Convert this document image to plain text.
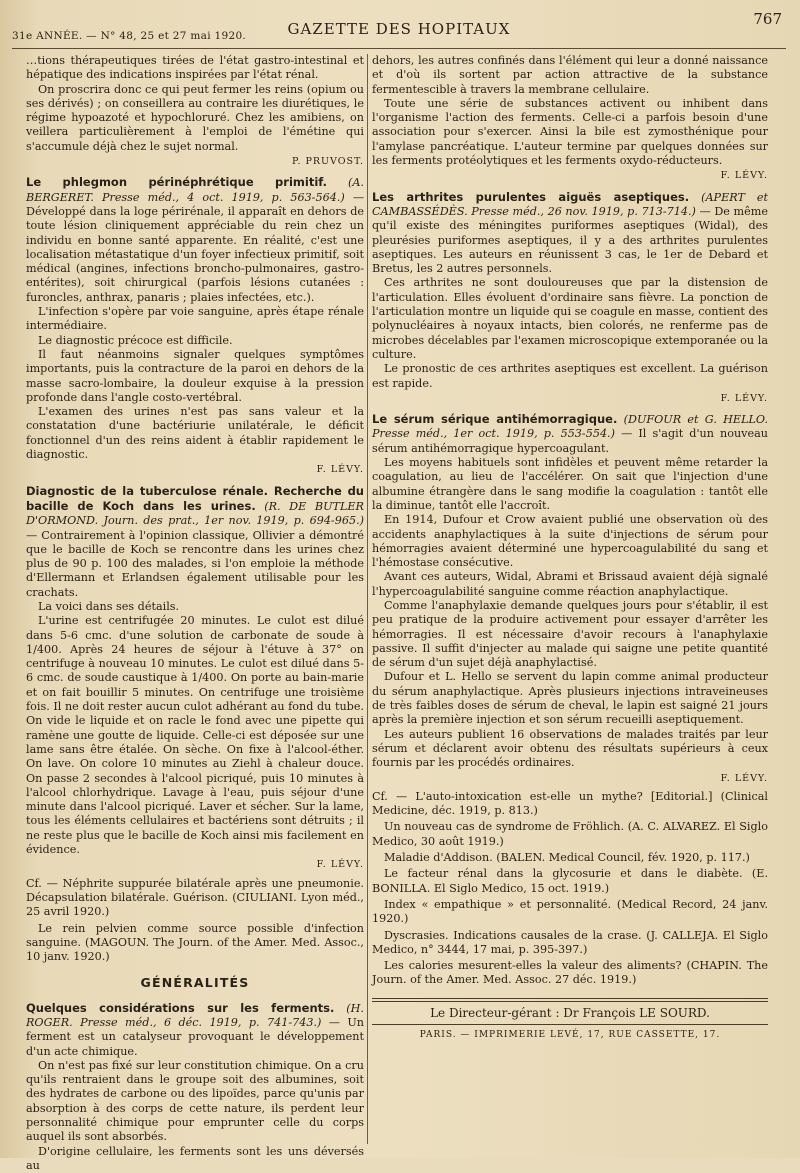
31e ANNÉE. — N° 48, 25 et 27 mai 1920.	GAZETTE DES HOPITAUX
767

…tions thérapeutiques tirées de l'état gastro-intestinal et hépatique des indications inspirées par l'état rénal.

On proscrira donc ce qui peut fermer les reins (opium ou ses dérivés) ; on conseillera au contraire les diurétiques, le régime hypoazoté et hypochloruré. Chez les amibiens, on veillera particulièrement à l'emploi de l'émétine qui s'accumule déjà chez le sujet normal.

P. PRUVOST.

Le phlegmon périnéphrétique primitif. (A. BERGERET. Presse méd., 4 oct. 1919, p. 563-564.) — Développé dans la loge périrénale, il apparaît en dehors de toute lésion cliniquement appréciable du rein chez un individu en bonne santé apparente. En réalité, c'est une localisation métastatique d'un foyer infectieux primitif, soit médical (angines, infections broncho-pulmonaires, gastro-entérites), soit chirurgical (parfois lésions cutanées : furoncles, anthrax, panaris ; plaies infectées, etc.).

L'infection s'opère par voie sanguine, après étape rénale intermédiaire.

Le diagnostic précoce est difficile.

Il faut néanmoins signaler quelques symptômes importants, puis la contracture de la paroi en dehors de la masse sacro-lombaire, la douleur exquise à la pression profonde dans l'angle costo-vertébral.

L'examen des urines n'est pas sans valeur et la constatation d'une bactériurie unilatérale, le déficit fonctionnel d'un des reins aident à établir rapidement le diagnostic.

F. LÉVY.

Diagnostic de la tuberculose rénale. Recherche du bacille de Koch dans les urines. (R. DE BUTLER D'ORMOND. Journ. des prat., 1er nov. 1919, p. 694-965.) — Contrairement à l'opinion classique, Ollivier a démontré que le bacille de Koch se rencontre dans les urines chez plus de 90 p. 100 des malades, si l'on emploie la méthode d'Ellermann et Erlandsen également utilisable pour les crachats.

La voici dans ses détails.

L'urine est centrifugée 20 minutes. Le culot est dilué dans 5-6 cmc. d'une solution de carbonate de soude à 1/400. Après 24 heures de séjour à l'étuve à 37° on centrifuge à nouveau 10 minutes. Le culot est dilué dans 5-6 cmc. de soude caustique à 1/400. On porte au bain-marie et on fait bouillir 5 minutes. On centrifuge une troisième fois. Il ne doit rester aucun culot adhérant au fond du tube. On vide le liquide et on racle le fond avec une pipette qui ramène une goutte de liquide. Celle-ci est déposée sur une lame sans être étalée. On sèche. On fixe à l'alcool-éther. On lave. On colore 10 minutes au Ziehl à chaleur douce. On passe 2 secondes à l'alcool picriqué, puis 10 minutes à l'alcool chlorhydrique. Lavage à l'eau, puis séjour d'une minute dans l'alcool picriqué. Laver et sécher. Sur la lame, tous les éléments cellulaires et bactériens sont détruits ; il ne reste plus que le bacille de Koch ainsi mis facilement en évidence.

F. LÉVY.

Cf. — Néphrite suppurée bilatérale après une pneumonie. Décapsulation bilatérale. Guérison. (CIULIANI. Lyon méd., 25 avril 1920.)

Le rein pelvien comme source possible d'infection sanguine. (MAGOUN. The Journ. of the Amer. Med. Assoc., 10 janv. 1920.)

GÉNÉRALITÉS

Quelques considérations sur les ferments. (H. ROGER. Presse méd., 6 déc. 1919, p. 741-743.) — Un ferment est un catalyseur provoquant le développement d'un acte chimique.

On n'est pas fixé sur leur constitution chimique. On a cru qu'ils rentraient dans le groupe soit des albumines, soit des hydrates de carbone ou des lipoïdes, parce qu'unis par absorption à des corps de cette nature, ils perdent leur personnalité chimique pour emprunter celle du corps auquel ils sont absorbés.

D'origine cellulaire, les ferments sont les uns déversés au

dehors, les autres confinés dans l'élément qui leur a donné naissance et d'où ils sortent par action attractive de la substance fermentescible à travers la membrane cellulaire.

Toute une série de substances activent ou inhibent dans l'organisme l'action des ferments. Celle-ci a parfois besoin d'une association pour s'exercer. Ainsi la bile est zymosthénique pour l'amylase pancréatique. L'auteur termine par quelques données sur les ferments protéolytiques et les ferments oxydo-réducteurs.

F. LÉVY.

Les arthrites purulentes aiguës aseptiques. (APERT et CAMBASSÉDÈS. Presse méd., 26 nov. 1919, p. 713-714.) — De même qu'il existe des méningites puriformes aseptiques (Widal), des pleurésies puriformes aseptiques, il y a des arthrites purulentes aseptiques. Les auteurs en réunissent 3 cas, le 1er de Debard et Bretus, les 2 autres personnels.

Ces arthrites ne sont douloureuses que par la distension de l'articulation. Elles évoluent d'ordinaire sans fièvre. La ponction de l'articulation montre un liquide qui se coagule en masse, contient des polynucléaires à noyaux intacts, bien colorés, ne renferme pas de microbes décelables par l'examen microscopique extemporanée ou la culture.

Le pronostic de ces arthrites aseptiques est excellent. La guérison est rapide.

F. LÉVY.

Le sérum sérique antihémorragique. (DUFOUR et G. HELLO. Presse méd., 1er oct. 1919, p. 553-554.) — Il s'agit d'un nouveau sérum antihémorragique hypercoagulant.

Les moyens habituels sont infidèles et peuvent même retarder la coagulation, au lieu de l'accélérer. On sait que l'injection d'une albumine étrangère dans le sang modifie la coagulation : tantôt elle la diminue, tantôt elle l'accroît.

En 1914, Dufour et Crow avaient publié une observation où des accidents anaphylactiques à la suite d'injections de sérum pour hémorragies avaient déterminé une hypercoagulabilité du sang et l'hémostase consécutive.

Avant ces auteurs, Widal, Abrami et Brissaud avaient déjà signalé l'hypercoagulabilité sanguine comme réaction anaphylactique.

Comme l'anaphylaxie demande quelques jours pour s'établir, il est peu pratique de la produire activement pour essayer d'arrêter les hémorragies. Il est nécessaire d'avoir recours à l'anaphylaxie passive. Il suffit d'injecter au malade qui saigne une petite quantité de sérum d'un sujet déjà anaphylactisé.

Dufour et L. Hello se servent du lapin comme animal producteur du sérum anaphylactique. Après plusieurs injections intraveineuses de très faibles doses de sérum de cheval, le lapin est saigné 21 jours après la première injection et son sérum recueilli aseptiquement.

Les auteurs publient 16 observations de malades traités par leur sérum et déclarent avoir obtenu des résultats supérieurs à ceux fournis par les procédés ordinaires.

F. LÉVY.

Cf. — L'auto-intoxication est-elle un mythe? [Editorial.] (Clinical Medicine, déc. 1919, p. 813.)

Un nouveau cas de syndrome de Fröhlich. (A. C. ALVAREZ. El Siglo Medico, 30 août 1919.)

Maladie d'Addison. (BALEN. Medical Council, fév. 1920, p. 117.)

Le facteur rénal dans la glycosurie et dans le diabète. (E. BONILLA. El Siglo Medico, 15 oct. 1919.)

Index « empathique » et personnalité. (Medical Record, 24 janv. 1920.)

Dyscrasies. Indications causales de la crase. (J. CALLEJA. El Siglo Medico, n° 3444, 17 mai, p. 395-397.)

Les calories mesurent-elles la valeur des aliments? (CHAPIN. The Journ. of the Amer. Med. Assoc. 27 déc. 1919.)

Le Directeur-gérant : Dr François LE SOURD.

PARIS. — IMPRIMERIE LEVÉ, 17, RUE CASSETTE, 17.
